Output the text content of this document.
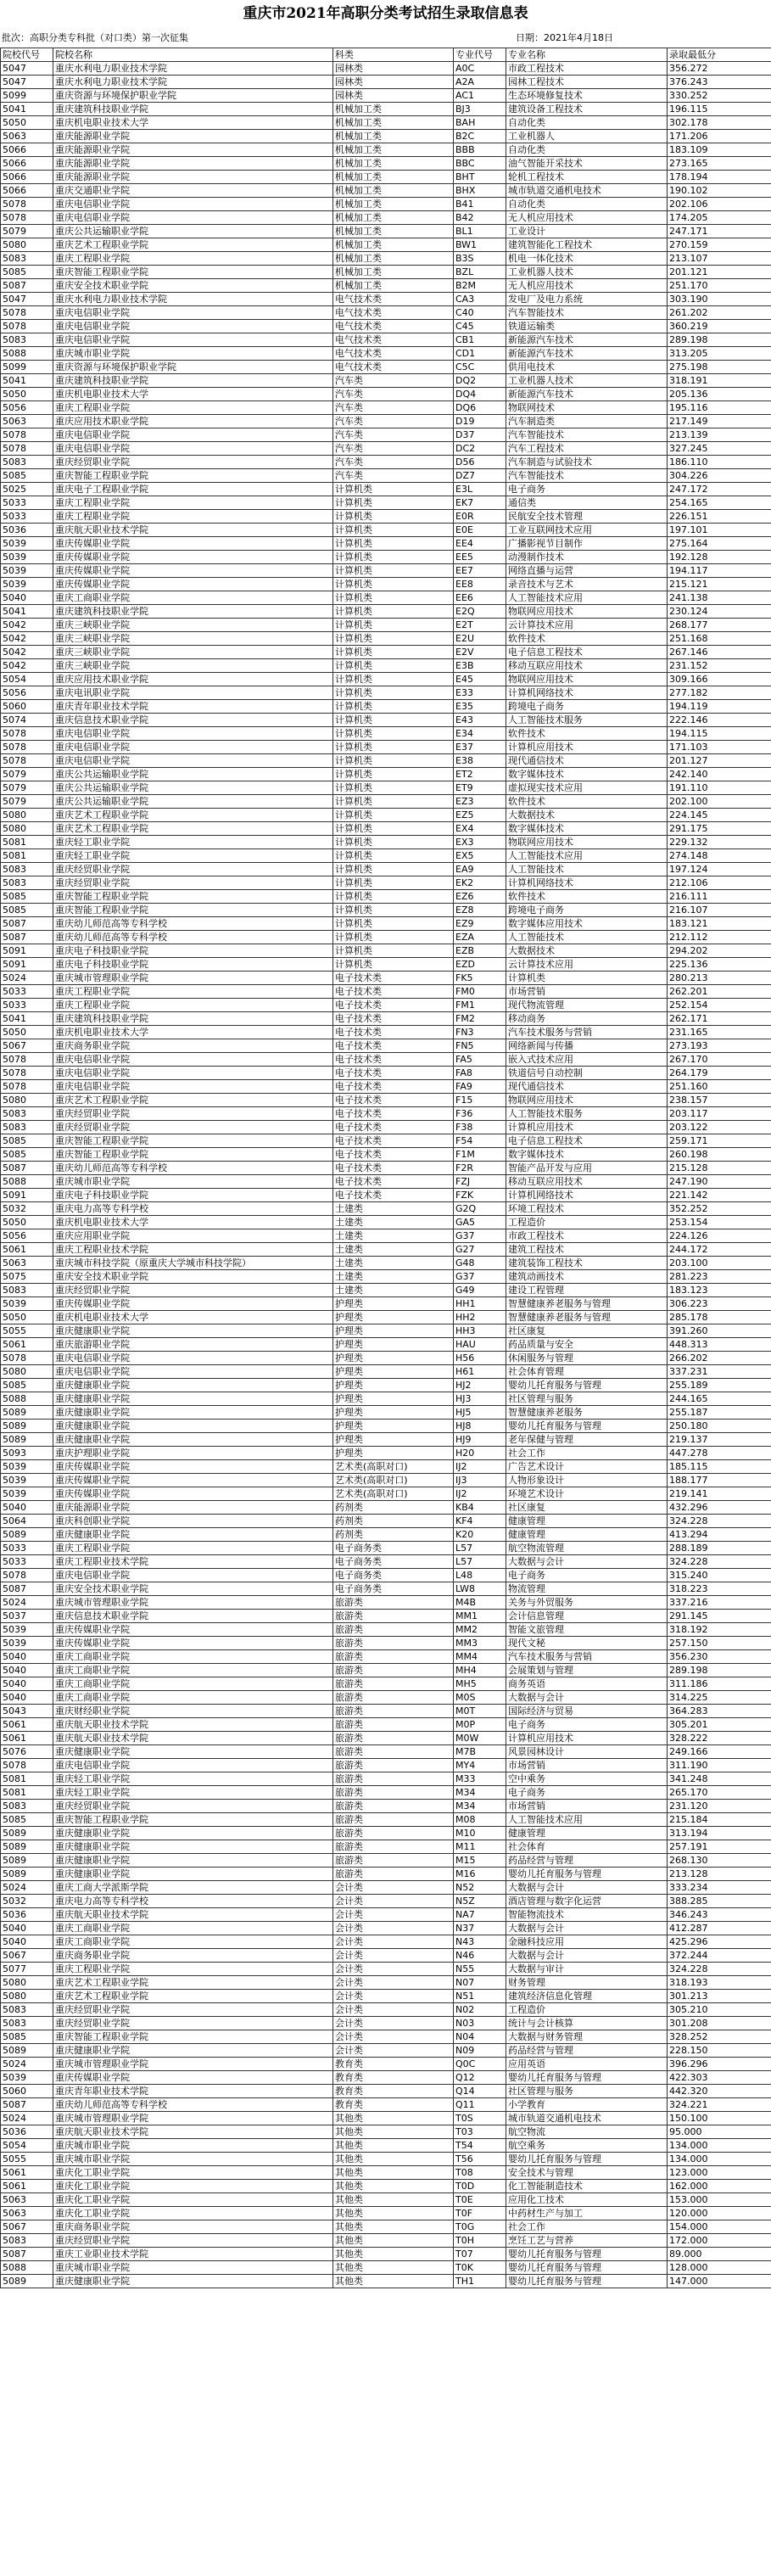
重庆市2021年高职分类考试招生录取信息表
批次：高职分类专科批（对口类）第一次征集	日期：2021年4月18日
院校代号	院校名称	科类	专业代号	专业名称	录取最低分
5047	重庆水利电力职业技术学院	园林类	A0C	市政工程技术	356.272
5047	重庆水利电力职业技术学院	园林类	A2A	园林工程技术	376.243
5099	重庆资源与环境保护职业学院	园林类	AC1	生态环境修复技术	330.252
5041	重庆建筑科技职业学院	机械加工类	BJ3	建筑设备工程技术	196.115
5050	重庆机电职业技术大学	机械加工类	BAH	自动化类	302.178
5063	重庆能源职业学院	机械加工类	B2C	工业机器人	171.206
5066	重庆能源职业学院	机械加工类	BBB	自动化类	183.109
5066	重庆能源职业学院	机械加工类	BBC	油气智能开采技术	273.165
5066	重庆能源职业学院	机械加工类	BHT	轮机工程技术	178.194
5066	重庆交通职业学院	机械加工类	BHX	城市轨道交通机电技术	190.102
5078	重庆电信职业学院	机械加工类	B41	自动化类	202.106
5078	重庆电信职业学院	机械加工类	B42	无人机应用技术	174.205
5079	重庆公共运输职业学院	机械加工类	BL1	工业设计	247.171
5080	重庆艺术工程职业学院	机械加工类	BW1	建筑智能化工程技术	270.159
5083	重庆工程职业学院	机械加工类	B3S	机电一体化技术	213.107
5085	重庆智能工程职业学院	机械加工类	BZL	工业机器人技术	201.121
5087	重庆安全技术职业学院	机械加工类	B2M	无人机应用技术	251.170
5047	重庆水利电力职业技术学院	电气技术类	CA3	发电厂及电力系统	303.190
5078	重庆电信职业学院	电气技术类	C40	汽车智能技术	261.202
5078	重庆电信职业学院	电气技术类	C45	铁道运输类	360.219
5083	重庆电信职业学院	电气技术类	CB1	新能源汽车技术	289.198
5088	重庆城市职业学院	电气技术类	CD1	新能源汽车技术	313.205
5099	重庆资源与环境保护职业学院	电气技术类	C5C	供用电技术	275.198
5041	重庆建筑科技职业学院	汽车类	DQ2	工业机器人技术	318.191
5050	重庆机电职业技术大学	汽车类	DQ4	新能源汽车技术	205.136
5056	重庆工程职业学院	汽车类	DQ6	物联网技术	195.116
5063	重庆应用技术职业学院	汽车类	D19	汽车制造类	217.149
5078	重庆电信职业学院	汽车类	D37	汽车智能技术	213.139
5078	重庆电信职业学院	汽车类	DC2	汽车工程技术	327.245
5083	重庆经贸职业学院	汽车类	D56	汽车制造与试验技术	186.110
5085	重庆智能工程职业学院	汽车类	DZ7	汽车智能技术	304.226
5025	重庆电子工程职业学院	计算机类	E3L	电子商务	247.172
5033	重庆工程职业学院	计算机类	EK7	通信类	254.165
5033	重庆工程职业学院	计算机类	E0R	民航安全技术管理	226.151
5036	重庆航天职业技术学院	计算机类	E0E	工业互联网技术应用	197.101
5039	重庆传媒职业学院	计算机类	EE4	广播影视节目制作	275.164
5039	重庆传媒职业学院	计算机类	EE5	动漫制作技术	192.128
5039	重庆传媒职业学院	计算机类	EE7	网络直播与运营	194.117
5039	重庆传媒职业学院	计算机类	EE8	录音技术与艺术	215.121
5040	重庆工商职业学院	计算机类	EE6	人工智能技术应用	241.138
5041	重庆建筑科技职业学院	计算机类	E2Q	物联网应用技术	230.124
5042	重庆三峡职业学院	计算机类	E2T	云计算技术应用	268.177
5042	重庆三峡职业学院	计算机类	E2U	软件技术	251.168
5042	重庆三峡职业学院	计算机类	E2V	电子信息工程技术	267.146
5042	重庆三峡职业学院	计算机类	E3B	移动互联应用技术	231.152
5054	重庆应用技术职业学院	计算机类	E45	物联网应用技术	309.166
5056	重庆电讯职业学院	计算机类	E33	计算机网络技术	277.182
5060	重庆青年职业技术学院	计算机类	E35	跨境电子商务	194.119
5074	重庆信息技术职业学院	计算机类	E43	人工智能技术服务	222.146
5078	重庆电信职业学院	计算机类	E34	软件技术	194.115
5078	重庆电信职业学院	计算机类	E37	计算机应用技术	171.103
5078	重庆电信职业学院	计算机类	E38	现代通信技术	201.127
5079	重庆公共运输职业学院	计算机类	ET2	数字媒体技术	242.140
5079	重庆公共运输职业学院	计算机类	ET9	虚拟现实技术应用	191.110
5079	重庆公共运输职业学院	计算机类	EZ3	软件技术	202.100
5080	重庆艺术工程职业学院	计算机类	EZ5	大数据技术	224.145
5080	重庆艺术工程职业学院	计算机类	EX4	数字媒体技术	291.175
5081	重庆轻工职业学院	计算机类	EX3	物联网应用技术	229.132
5081	重庆轻工职业学院	计算机类	EX5	人工智能技术应用	274.148
5083	重庆经贸职业学院	计算机类	EA9	人工智能技术	197.124
5083	重庆经贸职业学院	计算机类	EK2	计算机网络技术	212.106
5085	重庆智能工程职业学院	计算机类	EZ6	软件技术	216.111
5085	重庆智能工程职业学院	计算机类	EZ8	跨境电子商务	216.107
5087	重庆幼儿师范高等专科学校	计算机类	EZ9	数字媒体应用技术	183.121
5087	重庆幼儿师范高等专科学校	计算机类	EZA	人工智能技术	212.112
5091	重庆电子科技职业学院	计算机类	EZB	大数据技术	294.202
5091	重庆电子科技职业学院	计算机类	EZD	云计算技术应用	225.136
5024	重庆城市管理职业学院	电子技术类	FK5	计算机类	280.213
5033	重庆工程职业学院	电子技术类	FM0	市场营销	262.201
5033	重庆工程职业学院	电子技术类	FM1	现代物流管理	252.154
5041	重庆建筑科技职业学院	电子技术类	FM2	移动商务	262.171
5050	重庆机电职业技术大学	电子技术类	FN3	汽车技术服务与营销	231.165
5067	重庆商务职业学院	电子技术类	FN5	网络新闻与传播	273.193
5078	重庆电信职业学院	电子技术类	FA5	嵌入式技术应用	267.170
5078	重庆电信职业学院	电子技术类	FA8	铁道信号自动控制	264.179
5078	重庆电信职业学院	电子技术类	FA9	现代通信技术	251.160
5080	重庆艺术工程职业学院	电子技术类	F15	物联网应用技术	238.157
5083	重庆经贸职业学院	电子技术类	F36	人工智能技术服务	203.117
5083	重庆经贸职业学院	电子技术类	F38	计算机应用技术	203.122
5085	重庆智能工程职业学院	电子技术类	F54	电子信息工程技术	259.171
5085	重庆智能工程职业学院	电子技术类	F1M	数字媒体技术	260.198
5087	重庆幼儿师范高等专科学校	电子技术类	F2R	智能产品开发与应用	215.128
5088	重庆城市职业学院	电子技术类	FZJ	移动互联应用技术	247.190
5091	重庆电子科技职业学院	电子技术类	FZK	计算机网络技术	221.142
5032	重庆电力高等专科学校	土建类	G2Q	环境工程技术	352.252
5050	重庆机电职业技术大学	土建类	GA5	工程造价	253.154
5056	重庆应用职业学院	土建类	G37	市政工程技术	224.126
5061	重庆工程职业技术学院	土建类	G27	建筑工程技术	244.172
5063	重庆城市科技学院（原重庆大学城市科技学院）	土建类	G48	建筑装饰工程技术	203.100
5075	重庆安全技术职业学院	土建类	G37	建筑动画技术	281.223
5083	重庆经贸职业学院	土建类	G49	建设工程管理	183.123
5039	重庆传媒职业学院	护理类	HH1	智慧健康养老服务与管理	306.223
5050	重庆机电职业技术大学	护理类	HH2	智慧健康养老服务与管理	285.178
5055	重庆健康职业学院	护理类	HH3	社区康复	391.260
5061	重庆旅游职业学院	护理类	HAU	药品质量与安全	448.313
5078	重庆电信职业学院	护理类	H56	休闲服务与管理	266.202
5080	重庆电信职业学院	护理类	H61	社会体育管理	337.231
5085	重庆健康职业学院	护理类	HJ2	婴幼儿托育服务与管理	255.189
5088	重庆健康职业学院	护理类	HJ3	社区管理与服务	244.165
5089	重庆健康职业学院	护理类	HJ5	智慧健康养老服务	255.187
5089	重庆健康职业学院	护理类	HJ8	婴幼儿托育服务与管理	250.180
5089	重庆健康职业学院	护理类	HJ9	老年保健与管理	219.137
5093	重庆护理职业学院	护理类	H20	社会工作	447.278
5039	重庆传媒职业学院	艺术类(高职对口)	IJ2	广告艺术设计	185.115
5039	重庆传媒职业学院	艺术类(高职对口)	IJ3	人物形象设计	188.177
5039	重庆传媒职业学院	艺术类(高职对口)	IJ2	环境艺术设计	219.141
5040	重庆能源职业学院	药剂类	KB4	社区康复	432.296
5064	重庆科创职业学院	药剂类	KF4	健康管理	324.228
5089	重庆健康职业学院	药剂类	K20	健康管理	413.294
5033	重庆工程职业学院	电子商务类	L57	航空物流管理	288.189
5033	重庆工程职业技术学院	电子商务类	L57	大数据与会计	324.228
5078	重庆电信职业学院	电子商务类	L48	电子商务	315.240
5087	重庆安全技术职业学院	电子商务类	LW8	物流管理	318.223
5024	重庆城市管理职业学院	旅游类	M4B	关务与外贸服务	337.216
5037	重庆信息技术职业学院	旅游类	MM1	会计信息管理	291.145
5039	重庆传媒职业学院	旅游类	MM2	智能文旅管理	318.192
5039	重庆传媒职业学院	旅游类	MM3	现代文秘	257.150
5040	重庆工商职业学院	旅游类	MM4	汽车技术服务与营销	356.230
5040	重庆工商职业学院	旅游类	MH4	会展策划与管理	289.198
5040	重庆工商职业学院	旅游类	MH5	商务英语	311.186
5040	重庆工商职业学院	旅游类	M0S	大数据与会计	314.225
5043	重庆财经职业学院	旅游类	M0T	国际经济与贸易	364.283
5061	重庆航天职业技术学院	旅游类	M0P	电子商务	305.201
5061	重庆航天职业技术学院	旅游类	M0W	计算机应用技术	328.222
5076	重庆健康职业学院	旅游类	M7B	风景园林设计	249.166
5078	重庆电信职业学院	旅游类	MY4	市场营销	311.190
5081	重庆轻工职业学院	旅游类	M33	空中乘务	341.248
5081	重庆轻工职业学院	旅游类	M34	电子商务	265.170
5083	重庆经贸职业学院	旅游类	M34	市场营销	231.120
5085	重庆智能工程职业学院	旅游类	M08	人工智能技术应用	215.184
5089	重庆健康职业学院	旅游类	M10	健康管理	313.194
5089	重庆健康职业学院	旅游类	M11	社会体育	257.191
5089	重庆健康职业学院	旅游类	M15	药品经营与管理	268.130
5089	重庆健康职业学院	旅游类	M16	婴幼儿托育服务与管理	213.128
5024	重庆工商大学派斯学院	会计类	N52	大数据与会计	333.234
5032	重庆电力高等专科学校	会计类	N5Z	酒店管理与数字化运营	388.285
5036	重庆航天职业技术学院	会计类	NA7	智能物流技术	346.243
5040	重庆工商职业学院	会计类	N37	大数据与会计	412.287
5040	重庆工商职业学院	会计类	N43	金融科技应用	425.296
5067	重庆商务职业学院	会计类	N46	大数据与会计	372.244
5077	重庆工程职业学院	会计类	N55	大数据与审计	324.228
5080	重庆艺术工程职业学院	会计类	N07	财务管理	318.193
5080	重庆艺术工程职业学院	会计类	N51	建筑经济信息化管理	301.213
5083	重庆经贸职业学院	会计类	N02	工程造价	305.210
5083	重庆经贸职业学院	会计类	N03	统计与会计核算	301.208
5085	重庆智能工程职业学院	会计类	N04	大数据与财务管理	328.252
5089	重庆健康职业学院	会计类	N09	药品经营与管理	228.150
5024	重庆城市管理职业学院	教育类	Q0C	应用英语	396.296
5039	重庆传媒职业学院	教育类	Q12	婴幼儿托育服务与管理	422.303
5060	重庆青年职业技术学院	教育类	Q14	社区管理与服务	442.320
5087	重庆幼儿师范高等专科学校	教育类	Q11	小学教育	324.221
5024	重庆城市管理职业学院	其他类	T0S	城市轨道交通机电技术	150.100
5036	重庆航天职业技术学院	其他类	T03	航空物流	95.000
5054	重庆城市职业学院	其他类	T54	航空乘务	134.000
5055	重庆城市职业学院	其他类	T56	婴幼儿托育服务与管理	134.000
5061	重庆化工职业学院	其他类	T08	安全技术与管理	123.000
5061	重庆化工职业学院	其他类	T0D	化工智能制造技术	162.000
5063	重庆化工职业学院	其他类	T0E	应用化工技术	153.000
5063	重庆化工职业学院	其他类	T0F	中药材生产与加工	120.000
5067	重庆商务职业学院	其他类	T0G	社会工作	154.000
5083	重庆经贸职业学院	其他类	T0H	烹饪工艺与营养	172.000
5087	重庆工业职业技术学院	其他类	T07	婴幼儿托育服务与管理	89.000
5088	重庆城市职业学院	其他类	T0K	婴幼儿托育服务与管理	128.000
5089	重庆健康职业学院	其他类	TH1	婴幼儿托育服务与管理	147.000
